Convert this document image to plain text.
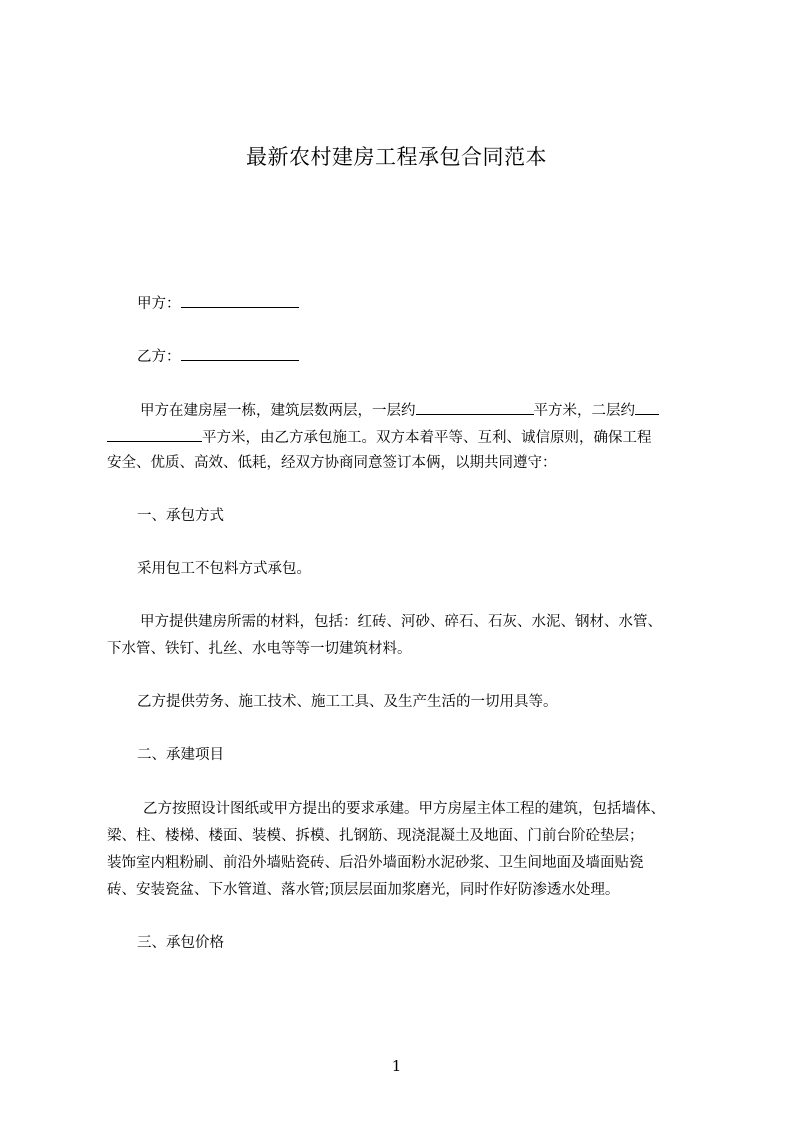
最新农村建房工程承包合同范本
甲方：
乙方：
甲方在建房屋一栋，建筑层数两层，一层约	平方米，二层约
平方米，由乙方承包施工。双方本着平等、互利、诚信原则，确保工程
安全、优质、高效、低耗，经双方协商同意签订本俩，以期共同遵守：
一、承包方式
采用包工不包料方式承包。
甲方提供建房所需的材料，包括：红砖、河砂、碎石、石灰、水泥、钢材、水管、
下水管、铁钉、扎丝、水电等等一切建筑材料。
乙方提供劳务、施工技术、施工工具、及生产生活的一切用具等。
二、承建项目
乙方按照设计图纸或甲方提出的要求承建。甲方房屋主体工程的建筑，包括墙体、
梁、柱、楼梯、楼面、装模、拆模、扎钢筋、现浇混凝土及地面、门前台阶砼垫层；
装饰室内粗粉刷、前沿外墙贴瓷砖、后沿外墙面粉水泥砂浆、卫生间地面及墙面贴瓷
砖、安装瓷盆、下水管道、落水管;顶层层面加浆磨光，同时作好防渗透水处理。
三、承包价格
1
